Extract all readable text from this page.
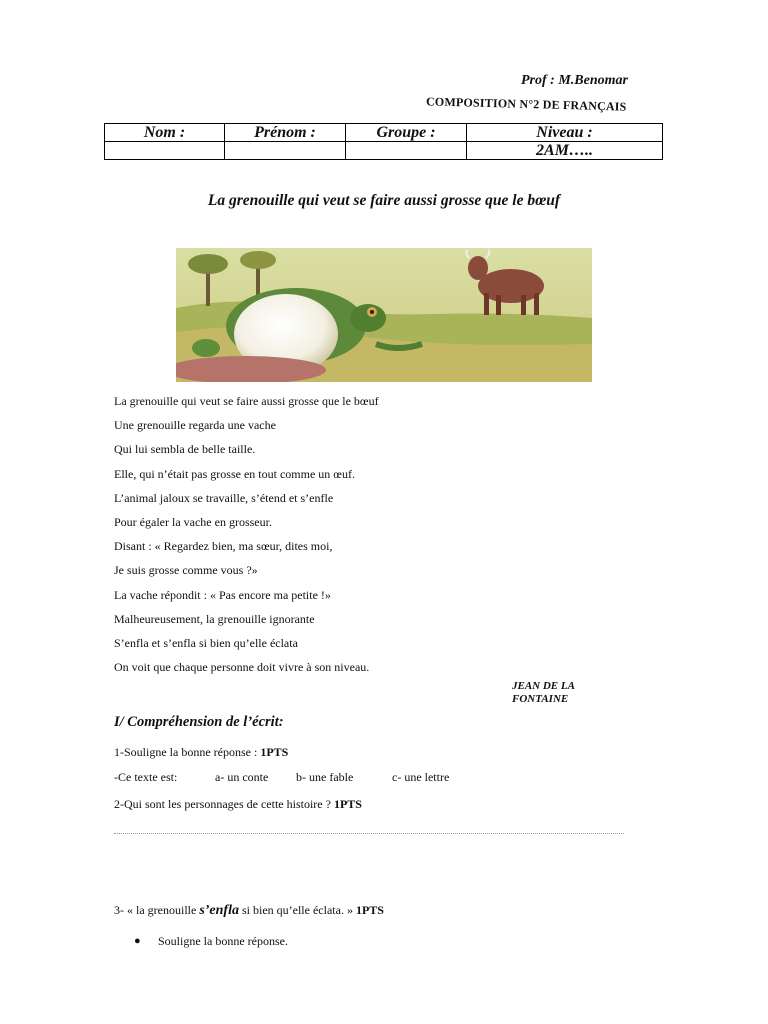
Prof : M.Benomar
COMPOSITION N°2 DE FRANÇAIS
Nom :	Prénom :	Groupe :	Niveau :
			2AM…..
La grenouille qui veut se faire aussi grosse que le bœuf
La grenouille qui veut se faire aussi grosse que le bœuf
Une grenouille regarda une vache
Qui lui sembla de belle taille.
Elle, qui n’était pas grosse en tout comme un œuf.
L’animal jaloux se travaille, s’étend et s’enfle
Pour égaler la vache en grosseur.
Disant : « Regardez bien, ma sœur, dites moi,
Je suis grosse comme vous ?»
La vache répondit : « Pas encore ma petite !»
Malheureusement, la grenouille ignorante
S’enfla et s’enfla si bien qu’elle éclata
On voit que chaque personne doit vivre à son niveau.
JEAN DE LA
FONTAINE
I/ Compréhension de l’écrit:
1-Souligne la bonne réponse : 1PTS
-Ce texte est:	a- un conte b- une fable	c- une lettre
2-Qui sont les personnages de cette histoire ? 1PTS
3- « la grenouille s’enfla si bien qu’elle éclata. » 1PTS
● Souligne la bonne réponse.
